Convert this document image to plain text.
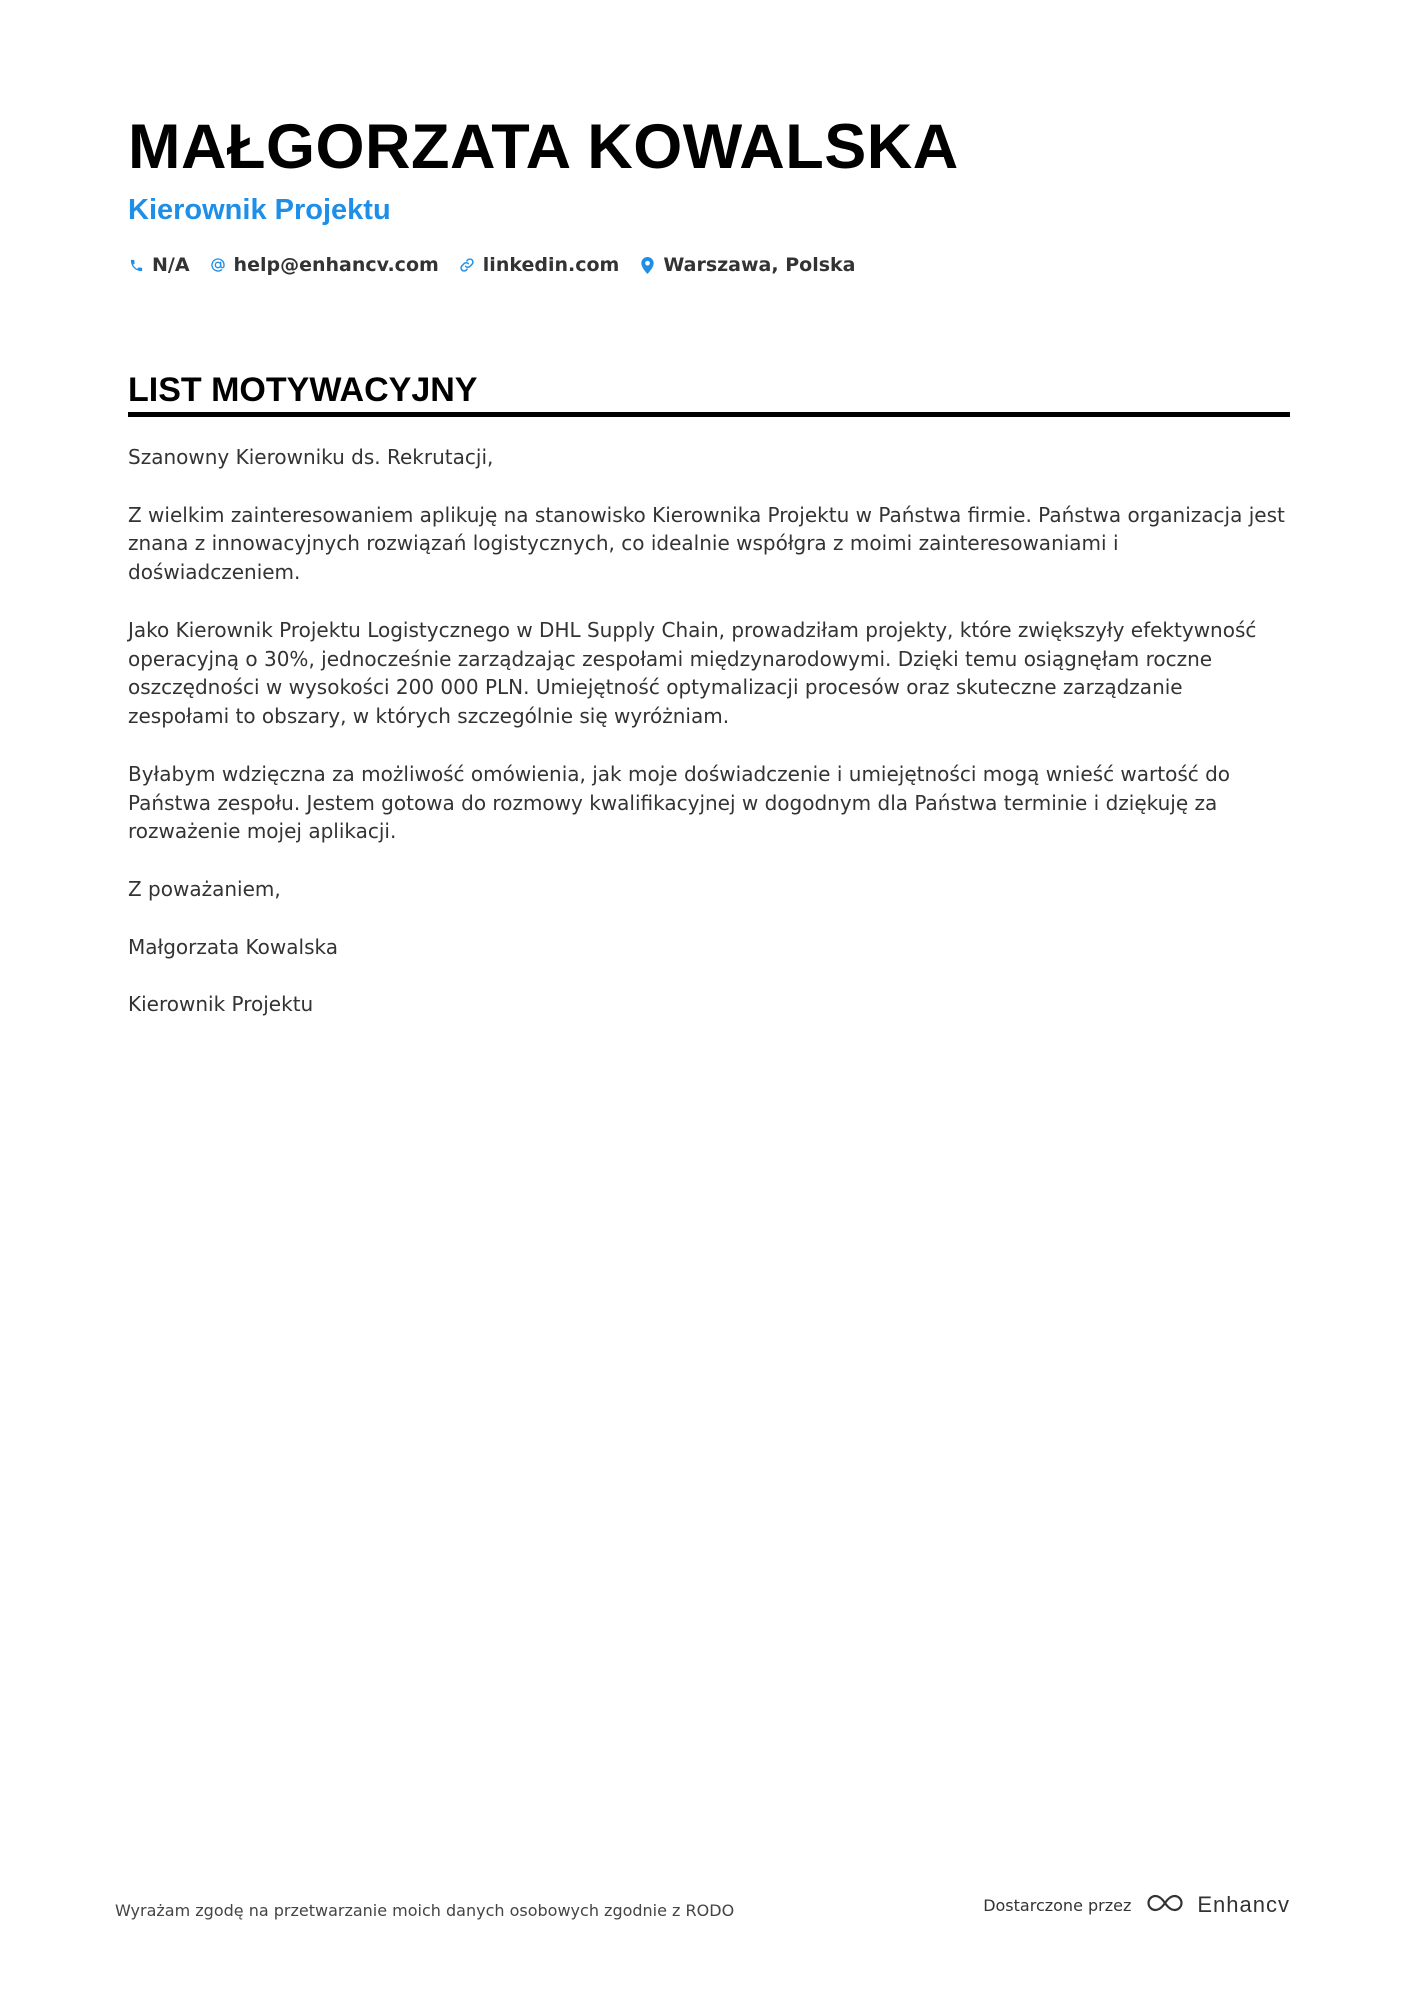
MAŁGORZATA KOWALSKA
Kierownik Projektu
N/A help@enhancv.com linkedin.com Warszawa, Polska
LIST MOTYWACYJNY

Szanowny Kierowniku ds. Rekrutacji,

Z wielkim zainteresowaniem aplikuję na stanowisko Kierownika Projektu w Państwa firmie. Państwa organizacja jest znana z innowacyjnych rozwiązań logistycznych, co idealnie współgra z moimi zainteresowaniami i doświadczeniem.

Jako Kierownik Projektu Logistycznego w DHL Supply Chain, prowadziłam projekty, które zwiększyły efektywność operacyjną o 30%, jednocześnie zarządzając zespołami międzynarodowymi. Dzięki temu osiągnęłam roczne oszczędności w wysokości 200 000 PLN. Umiejętność optymalizacji procesów oraz skuteczne zarządzanie zespołami to obszary, w których szczególnie się wyróżniam.

Byłabym wdzięczna za możliwość omówienia, jak moje doświadczenie i umiejętności mogą wnieść wartość do Państwa zespołu. Jestem gotowa do rozmowy kwalifikacyjnej w dogodnym dla Państwa terminie i dziękuję za rozważenie mojej aplikacji.

Z poważaniem,

Małgorzata Kowalska

Kierownik Projektu

Wyrażam zgodę na przetwarzanie moich danych osobowych zgodnie z RODO	Dostarczone przez	Enhancv
